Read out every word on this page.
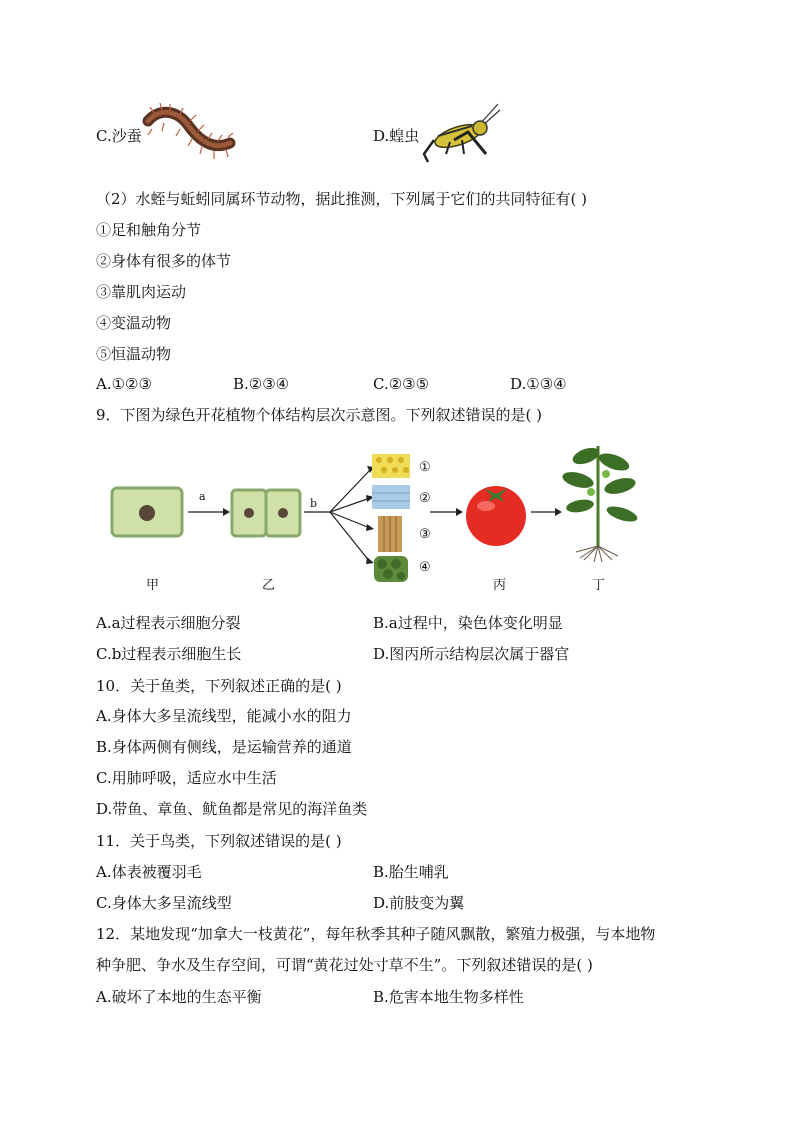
C.沙蚕	D.蝗虫
（2）水蛭与蚯蚓同属环节动物，据此推测，下列属于它们的共同特征有( )
①足和触角分节
②身体有很多的体节
③靠肌肉运动
④变温动物
⑤恒温动物
A.①②③	B.②③④	C.②③⑤	D.①③④
9．下图为绿色开花植物个体结构层次示意图。下列叙述错误的是( )
a
b
①
②
③
④
甲	乙	丙	丁
A.a过程表示细胞分裂	B.a过程中，染色体变化明显
C.b过程表示细胞生长	D.图丙所示结构层次属于器官
10．关于鱼类，下列叙述正确的是( )
A.身体大多呈流线型，能减小水的阻力
B.身体两侧有侧线，是运输营养的通道
C.用肺呼吸，适应水中生活
D.带鱼、章鱼、鱿鱼都是常见的海洋鱼类
11．关于鸟类，下列叙述错误的是( )
A.体表被覆羽毛	B.胎生哺乳
C.身体大多呈流线型	D.前肢变为翼
12．某地发现“加拿大一枝黄花”，每年秋季其种子随风飘散，繁殖力极强，与本地物
种争肥、争水及生存空间，可谓“黄花过处寸草不生”。下列叙述错误的是( )
A.破坏了本地的生态平衡	B.危害本地生物多样性
